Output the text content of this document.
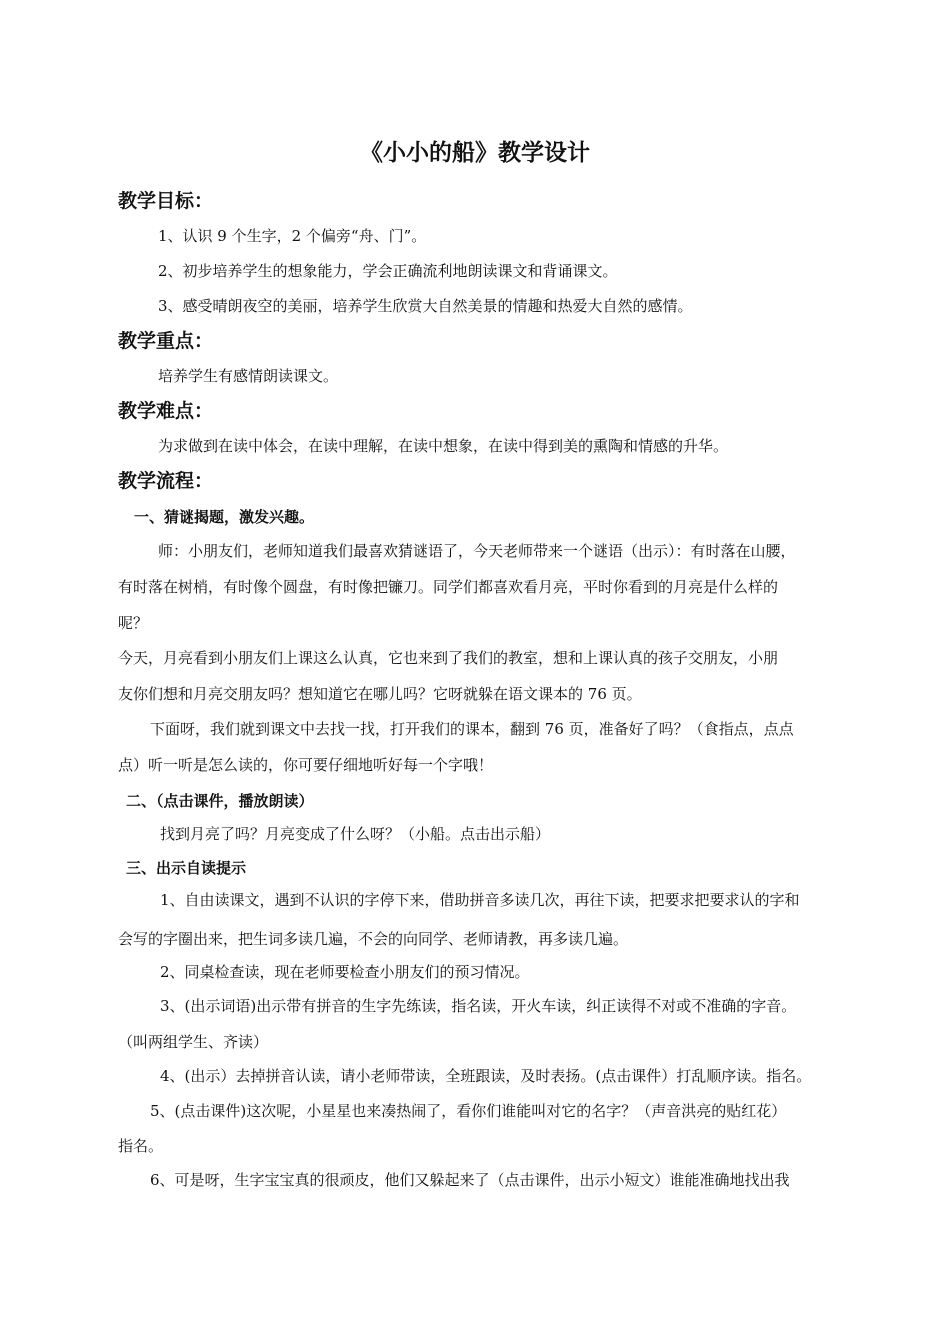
《小小的船》教学设计
教学目标：
1、认识 9 个生字，2 个偏旁“舟、门”。
2、初步培养学生的想象能力，学会正确流利地朗读课文和背诵课文。
3、感受晴朗夜空的美丽，培养学生欣赏大自然美景的情趣和热爱大自然的感情。
教学重点：
培养学生有感情朗读课文。
教学难点：
为求做到在读中体会，在读中理解，在读中想象，在读中得到美的熏陶和情感的升华。
教学流程：
一、猜谜揭题，激发兴趣。
师：小朋友们，老师知道我们最喜欢猜谜语了，今天老师带来一个谜语（出示）：有时落在山腰，
有时落在树梢，有时像个圆盘，有时像把镰刀。同学们都喜欢看月亮，平时你看到的月亮是什么样的
呢？
今天，月亮看到小朋友们上课这么认真，它也来到了我们的教室，想和上课认真的孩子交朋友，小朋
友你们想和月亮交朋友吗？想知道它在哪儿吗？它呀就躲在语文课本的 76 页。
下面呀，我们就到课文中去找一找，打开我们的课本，翻到 76 页，准备好了吗？（食指点，点点
点）听一听是怎么读的，你可要仔细地听好每一个字哦！
二、（点击课件，播放朗读）
找到月亮了吗？月亮变成了什么呀？（小船。点击出示船）
三、出示自读提示
1、自由读课文，遇到不认识的字停下来，借助拼音多读几次，再往下读，把要求把要求认的字和
会写的字圈出来，把生词多读几遍，不会的向同学、老师请教，再多读几遍。
2、同桌检查读，现在老师要检查小朋友们的预习情况。
3、(出示词语)出示带有拼音的生字先练读，指名读，开火车读，纠正读得不对或不准确的字音。
（叫两组学生、齐读）
4、(出示）去掉拼音认读，请小老师带读，全班跟读，及时表扬。(点击课件）打乱顺序读。指名。
5、(点击课件)这次呢，小星星也来凑热闹了，看你们谁能叫对它的名字？（声音洪亮的贴红花）
指名。
6、可是呀，生字宝宝真的很顽皮，他们又躲起来了（点击课件，出示小短文）谁能准确地找出我
